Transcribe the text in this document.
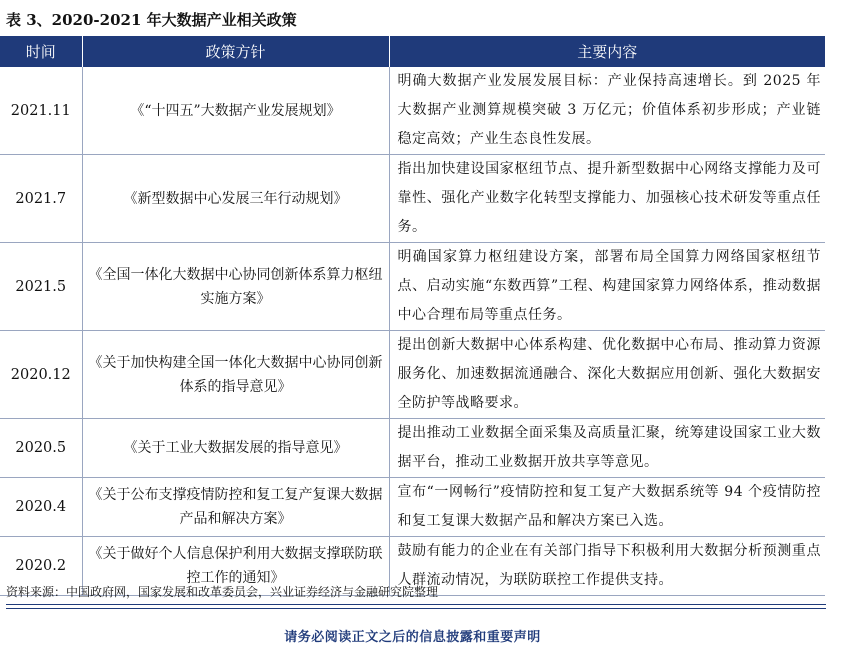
表 3、2020-2021 年大数据产业相关政策
时间	政策方针	主要内容
2021.11	《“十四五”大数据产业发展规划》	明确大数据产业发展发展目标：产业保持高速增长。到 2025 年大数据产业测算规模突破 3 万亿元；价值体系初步形成；产业链稳定高效；产业生态良性发展。
2021.7	《新型数据中心发展三年行动规划》	指出加快建设国家枢纽节点、提升新型数据中心网络支撑能力及可靠性、强化产业数字化转型支撑能力、加强核心技术研发等重点任务。
2021.5	《全国一体化大数据中心协同创新体系算力枢纽实施方案》	明确国家算力枢纽建设方案，部署布局全国算力网络国家枢纽节点、启动实施“东数西算”工程、构建国家算力网络体系，推动数据中心合理布局等重点任务。
2020.12	《关于加快构建全国一体化大数据中心协同创新体系的指导意见》	提出创新大数据中心体系构建、优化数据中心布局、推动算力资源服务化、加速数据流通融合、深化大数据应用创新、强化大数据安全防护等战略要求。
2020.5	《关于工业大数据发展的指导意见》	提出推动工业数据全面采集及高质量汇聚，统筹建设国家工业大数据平台，推动工业数据开放共享等意见。
2020.4	《关于公布支撑疫情防控和复工复产复课大数据产品和解决方案》	宣布“一网畅行”疫情防控和复工复产大数据系统等 94 个疫情防控和复工复课大数据产品和解决方案已入选。
2020.2	《关于做好个人信息保护利用大数据支撑联防联控工作的通知》	鼓励有能力的企业在有关部门指导下积极利用大数据分析预测重点人群流动情况，为联防联控工作提供支持。
资料来源：中国政府网，国家发展和改革委员会，兴业证券经济与金融研究院整理
请务必阅读正文之后的信息披露和重要声明
